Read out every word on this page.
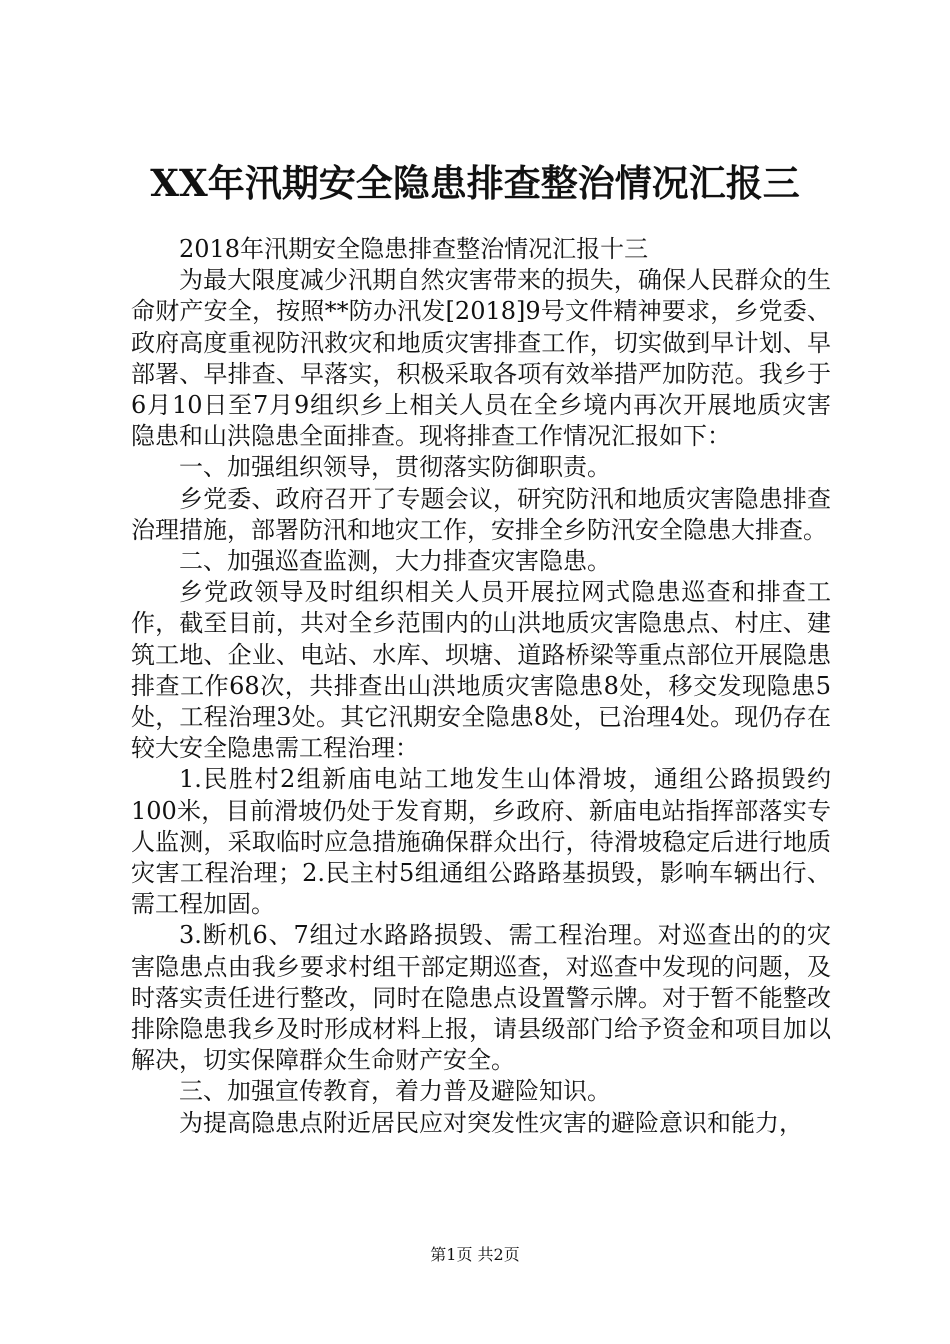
XX年汛期安全隐患排查整治情况汇报三

2018年汛期安全隐患排查整治情况汇报十三

为最大限度减少汛期自然灾害带来的损失，确保人民群众的生命财产安全，按照**防办汛发[2018]9号文件精神要求，乡党委、政府高度重视防汛救灾和地质灾害排查工作，切实做到早计划、早部署、早排查、早落实，积极采取各项有效举措严加防范。我乡于6月10日至7月9组织乡上相关人员在全乡境内再次开展地质灾害隐患和山洪隐患全面排查。现将排查工作情况汇报如下：

一、加强组织领导，贯彻落实防御职责。

乡党委、政府召开了专题会议，研究防汛和地质灾害隐患排查治理措施，部署防汛和地灾工作，安排全乡防汛安全隐患大排查。

二、加强巡查监测，大力排查灾害隐患。

乡党政领导及时组织相关人员开展拉网式隐患巡查和排查工作，截至目前，共对全乡范围内的山洪地质灾害隐患点、村庄、建筑工地、企业、电站、水库、坝塘、道路桥梁等重点部位开展隐患排查工作68次，共排查出山洪地质灾害隐患8处，移交发现隐患5处，工程治理3处。其它汛期安全隐患8处，已治理4处。现仍存在较大安全隐患需工程治理：

1.民胜村2组新庙电站工地发生山体滑坡，通组公路损毁约100米，目前滑坡仍处于发育期，乡政府、新庙电站指挥部落实专人监测，采取临时应急措施确保群众出行，待滑坡稳定后进行地质灾害工程治理；2.民主村5组通组公路路基损毁，影响车辆出行、需工程加固。

3.断机6、7组过水路路损毁、需工程治理。对巡查出的的灾害隐患点由我乡要求村组干部定期巡查，对巡查中发现的问题，及时落实责任进行整改，同时在隐患点设置警示牌。对于暂不能整改排除隐患我乡及时形成材料上报，请县级部门给予资金和项目加以解决，切实保障群众生命财产安全。

三、加强宣传教育，着力普及避险知识。

为提高隐患点附近居民应对突发性灾害的避险意识和能力，

第1页 共2页
